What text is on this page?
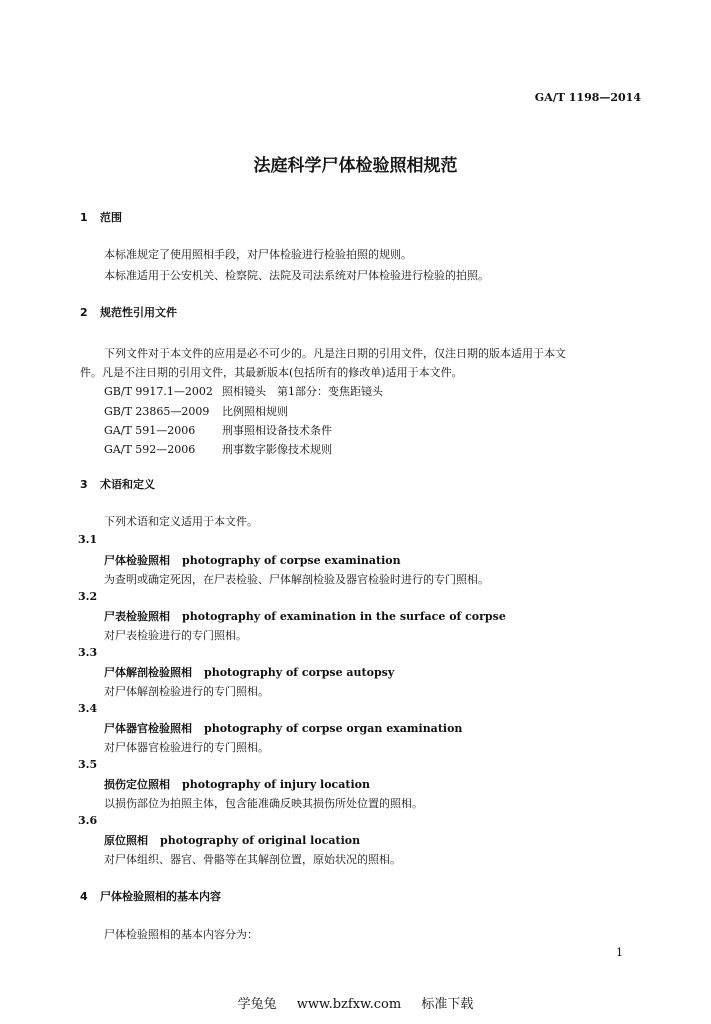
GA/T 1198—2014
法庭科学尸体检验照相规范
1 范围
本标准规定了使用照相手段，对尸体检验进行检验拍照的规则。
本标准适用于公安机关、检察院、法院及司法系统对尸体检验进行检验的拍照。
2 规范性引用文件
下列文件对于本文件的应用是必不可少的。凡是注日期的引用文件，仅注日期的版本适用于本文
件。凡是不注日期的引用文件，其最新版本(包括所有的修改单)适用于本文件。
GB/T 9917.1—2002 照相镜头　第1部分：变焦距镜头
GB/T 23865—2009 比例照相规则
GA/T 591—2006 刑事照相设备技术条件
GA/T 592—2006 刑事数字影像技术规则
3 术语和定义
下列术语和定义适用于本文件。
3.1
尸体检验照相 photography of corpse examination
为查明或确定死因，在尸表检验、尸体解剖检验及器官检验时进行的专门照相。
3.2
尸表检验照相 photography of examination in the surface of corpse
对尸表检验进行的专门照相。
3.3
尸体解剖检验照相 photography of corpse autopsy
对尸体解剖检验进行的专门照相。
3.4
尸体器官检验照相 photography of corpse organ examination
对尸体器官检验进行的专门照相。
3.5
损伤定位照相 photography of injury location
以损伤部位为拍照主体，包含能准确反映其损伤所处位置的照相。
3.6
原位照相 photography of original location
对尸体组织、器官、骨骼等在其解剖位置，原始状况的照相。
4 尸体检验照相的基本内容
尸体检验照相的基本内容分为：
1
学兔兔 www.bzfxw.com 标准下载
